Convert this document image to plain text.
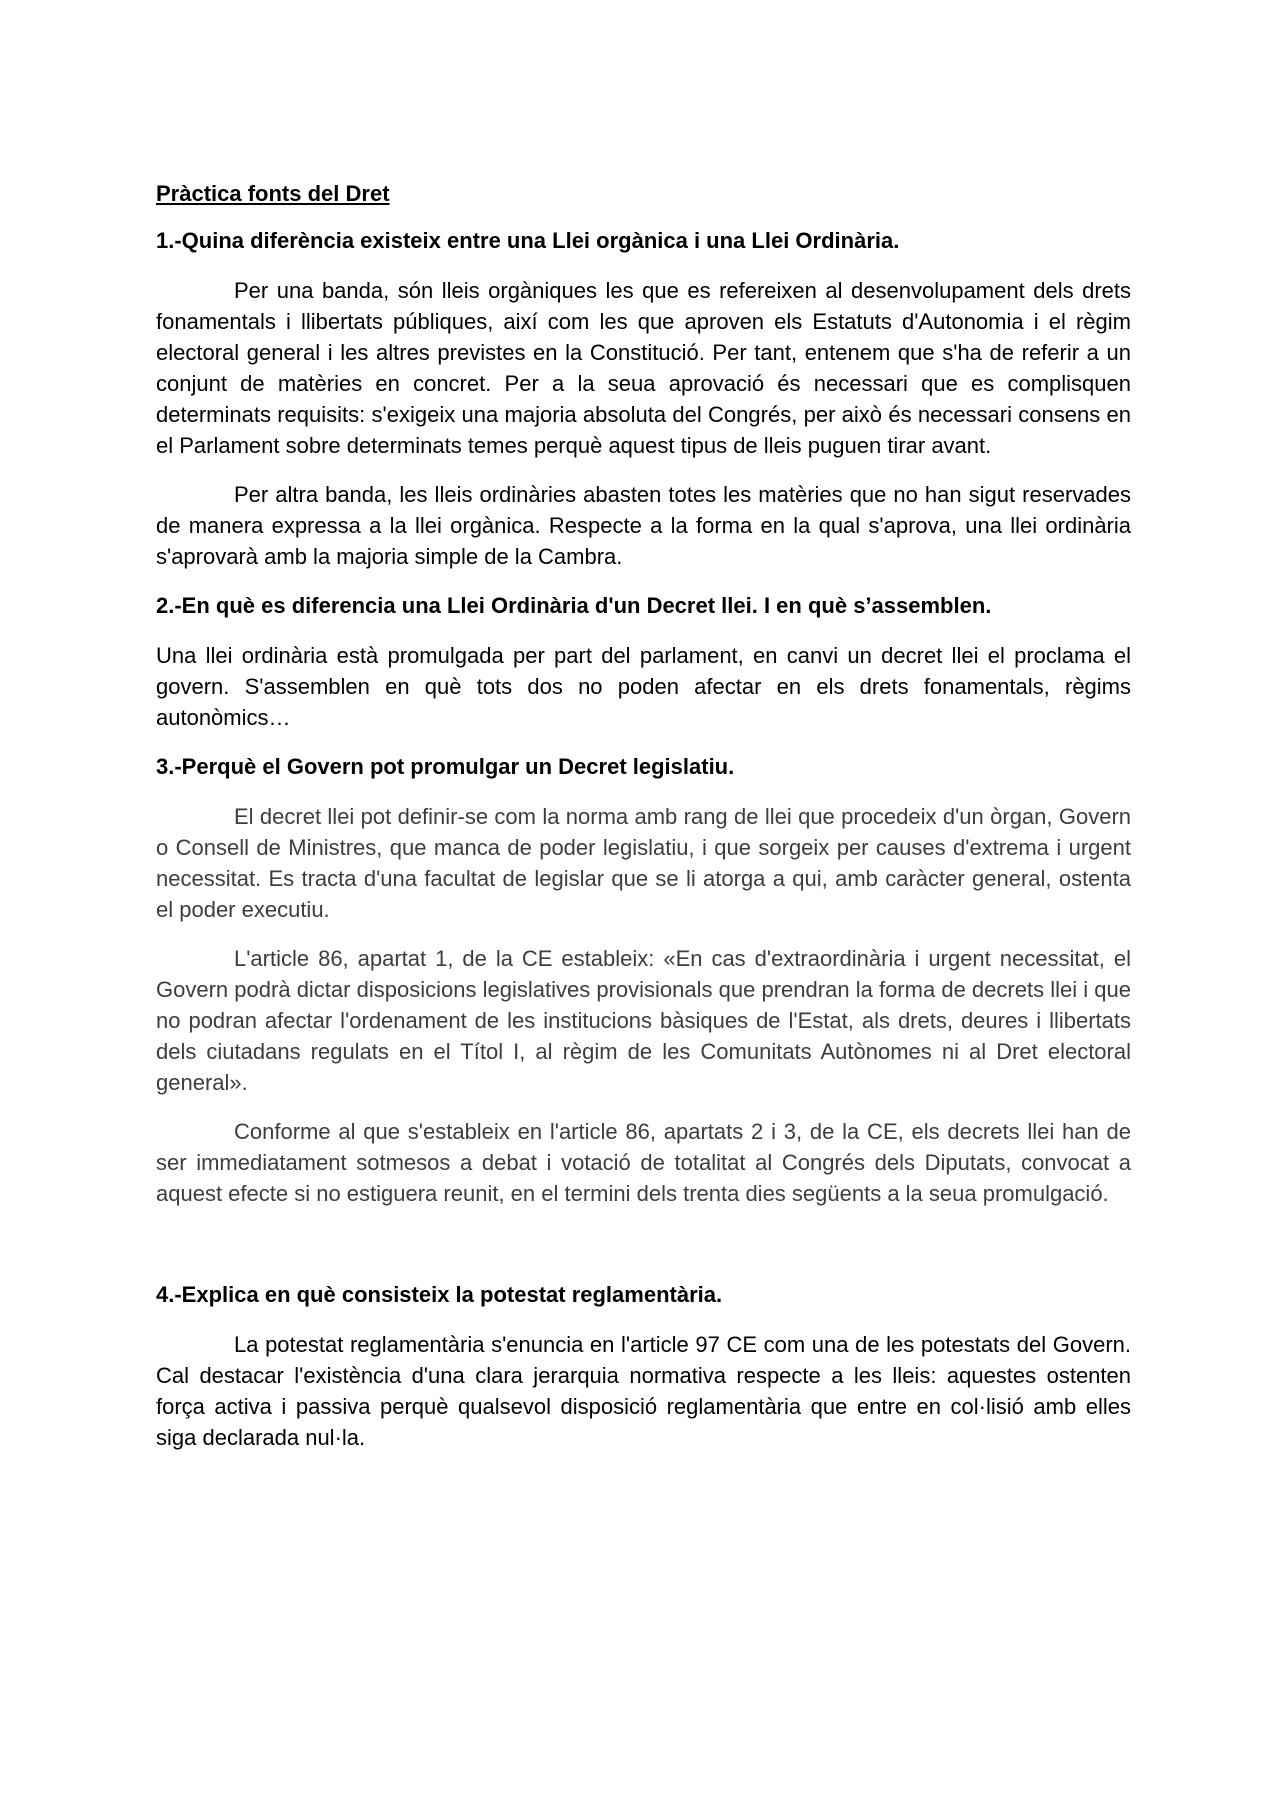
Pràctica fonts del Dret

1.-Quina diferència existeix entre una Llei orgànica i una Llei Ordinària.

Per una banda, són lleis orgàniques les que es refereixen al desenvolupament dels drets fonamentals i llibertats públiques, així com les que aproven els Estatuts d'Autonomia i el règim electoral general i les altres previstes en la Constitució. Per tant, entenem que s'ha de referir a un conjunt de matèries en concret. Per a la seua aprovació és necessari que es complisquen determinats requisits: s'exigeix una majoria absoluta del Congrés, per això és necessari consens en el Parlament sobre determinats temes perquè aquest tipus de lleis puguen tirar avant.

Per altra banda, les lleis ordinàries abasten totes les matèries que no han sigut reservades de manera expressa a la llei orgànica. Respecte a la forma en la qual s'aprova, una llei ordinària s'aprovarà amb la majoria simple de la Cambra.

2.-En què es diferencia una Llei Ordinària d'un Decret llei. I en què s’assemblen.

Una llei ordinària està promulgada per part del parlament, en canvi un decret llei el proclama el govern. S'assemblen en què tots dos no poden afectar en els drets fonamentals, règims autonòmics…

3.-Perquè el Govern pot promulgar un Decret legislatiu.

El decret llei pot definir-se com la norma amb rang de llei que procedeix d'un òrgan, Govern o Consell de Ministres, que manca de poder legislatiu, i que sorgeix per causes d'extrema i urgent necessitat. Es tracta d'una facultat de legislar que se li atorga a qui, amb caràcter general, ostenta el poder executiu.

L'article 86, apartat 1, de la CE estableix: «En cas d'extraordinària i urgent necessitat, el Govern podrà dictar disposicions legislatives provisionals que prendran la forma de decrets llei i que no podran afectar l'ordenament de les institucions bàsiques de l'Estat, als drets, deures i llibertats dels ciutadans regulats en el Títol I, al règim de les Comunitats Autònomes ni al Dret electoral general».

Conforme al que s'estableix en l'article 86, apartats 2 i 3, de la CE, els decrets llei han de ser immediatament sotmesos a debat i votació de totalitat al Congrés dels Diputats, convocat a aquest efecte si no estiguera reunit, en el termini dels trenta dies següents a la seua promulgació.

4.-Explica en què consisteix la potestat reglamentària.

La potestat reglamentària s'enuncia en l'article 97 CE com una de les potestats del Govern. Cal destacar l'existència d'una clara jerarquia normativa respecte a les lleis: aquestes ostenten força activa i passiva perquè qualsevol disposició reglamentària que entre en col·lisió amb elles siga declarada nul·la.
